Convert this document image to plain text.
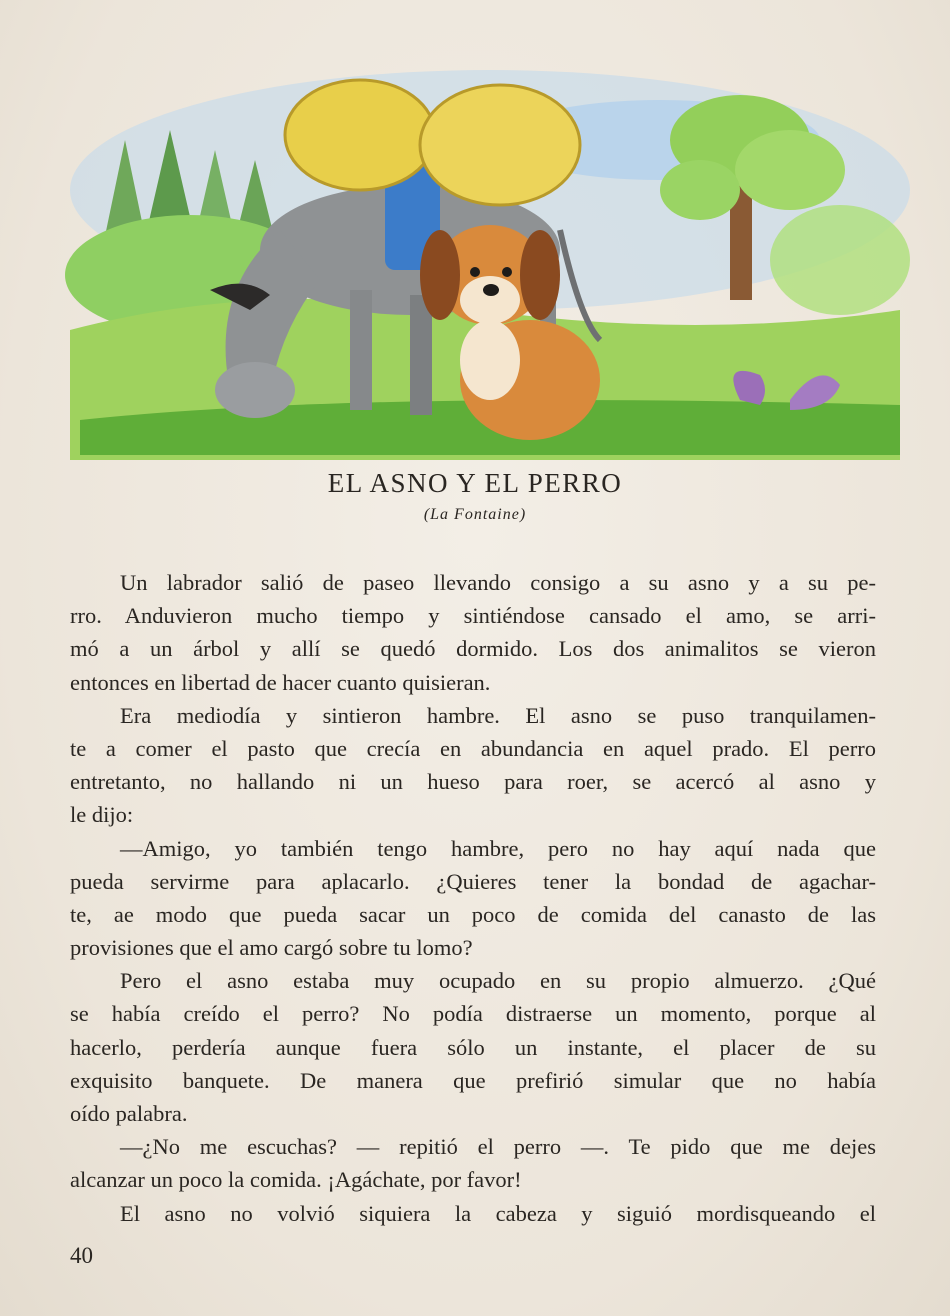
EL ASNO Y EL PERRO
(La Fontaine)
Un labrador salió de paseo llevando consigo a su asno y a su pe-
rro. Anduvieron mucho tiempo y sintiéndose cansado el amo, se arri-
mó a un árbol y allí se quedó dormido. Los dos animalitos se vieron
entonces en libertad de hacer cuanto quisieran.
Era mediodía y sintieron hambre. El asno se puso tranquilamen-
te a comer el pasto que crecía en abundancia en aquel prado. El perro
entretanto, no hallando ni un hueso para roer, se acercó al asno y
le dijo:
—Amigo, yo también tengo hambre, pero no hay aquí nada que
pueda servirme para aplacarlo. ¿Quieres tener la bondad de agachar-
te, ae modo que pueda sacar un poco de comida del canasto de las
provisiones que el amo cargó sobre tu lomo?
Pero el asno estaba muy ocupado en su propio almuerzo. ¿Qué
se había creído el perro? No podía distraerse un momento, porque al
hacerlo, perdería aunque fuera sólo un instante, el placer de su
exquisito banquete. De manera que prefirió simular que no había
oído palabra.
—¿No me escuchas? — repitió el perro —. Te pido que me dejes
alcanzar un poco la comida. ¡Agáchate, por favor!
El asno no volvió siquiera la cabeza y siguió mordisqueando el
40
